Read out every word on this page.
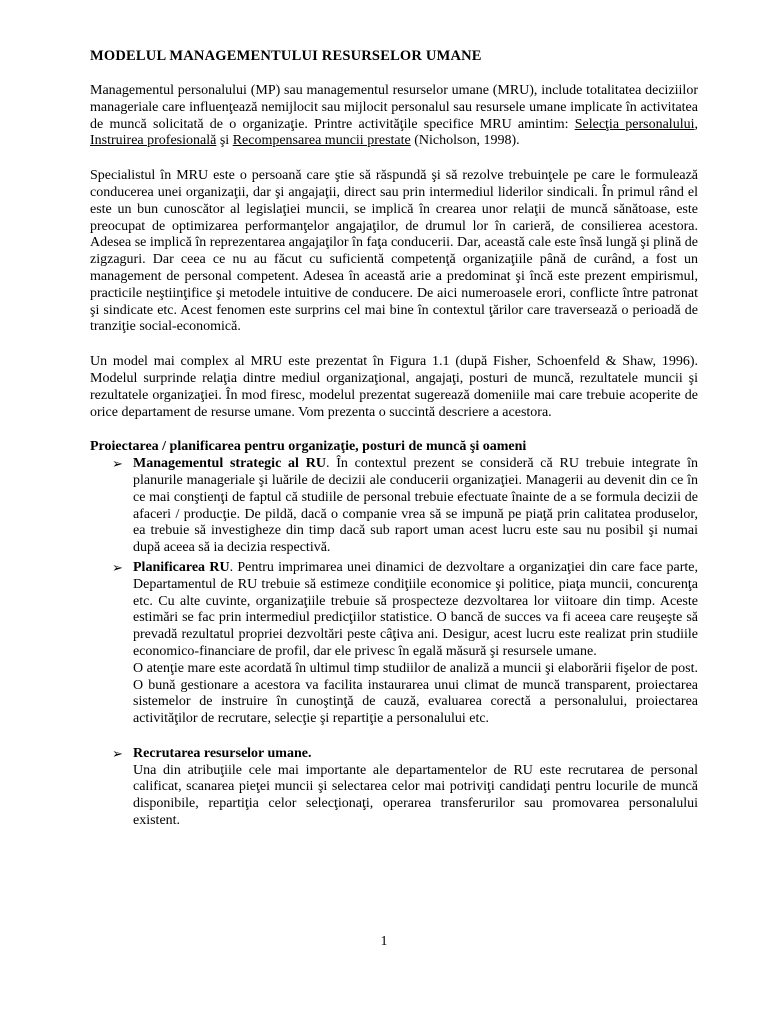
MODELUL MANAGEMENTULUI RESURSELOR UMANE

Managementul personalului (MP) sau managementul resurselor umane (MRU), include totalitatea deciziilor manageriale care influenţează nemijlocit sau mijlocit personalul sau resursele umane implicate în activitatea de muncă solicitată de o organizaţie. Printre activităţile specifice MRU amintim: Selecţia personalului, Instruirea profesională şi Recompensarea muncii prestate (Nicholson, 1998).

Specialistul în MRU este o persoană care ştie să răspundă şi să rezolve trebuinţele pe care le formulează conducerea unei organizaţii, dar şi angajaţii, direct sau prin intermediul liderilor sindicali. În primul rând el este un bun cunoscător al legislaţiei muncii, se implică în crearea unor relaţii de muncă sănătoase, este preocupat de optimizarea performanţelor angajaţilor, de drumul lor în carieră, de consilierea acestora. Adesea se implică în reprezentarea angajaţilor în faţa conducerii. Dar, această cale este însă lungă şi plină de zigzaguri. Dar ceea ce nu au făcut cu suficientă competenţă organizaţiile până de curând, a fost un management de personal competent. Adesea în această arie a predominat şi încă este prezent empirismul, practicile neştiinţifice şi metodele intuitive de conducere. De aici numeroasele erori, conflicte între patronat şi sindicate etc. Acest fenomen este surprins cel mai bine în contextul ţărilor care traversează o perioadă de tranziţie social-economică.

Un model mai complex al MRU este prezentat în Figura 1.1 (după Fisher, Schoenfeld & Shaw, 1996). Modelul surprinde relaţia dintre mediul organizaţional, angajaţi, posturi de muncă, rezultatele muncii şi rezultatele organizaţiei. În mod firesc, modelul prezentat sugerează domeniile mai care trebuie acoperite de orice departament de resurse umane. Vom prezenta o succintă descriere a acestora.

Proiectarea / planificarea pentru organizaţie, posturi de muncă şi oameni
➢ Managementul strategic al RU. În contextul prezent se consideră că RU trebuie integrate în planurile manageriale şi luările de decizii ale conducerii organizaţiei. Managerii au devenit din ce în ce mai conştienţi de faptul că studiile de personal trebuie efectuate înainte de a se formula decizii de afaceri / producţie. De pildă, dacă o companie vrea să se impună pe piaţă prin calitatea produselor, ea trebuie să investigheze din timp dacă sub raport uman acest lucru este sau nu posibil şi numai după aceea să ia decizia respectivă.
➢ Planificarea RU. Pentru imprimarea unei dinamici de dezvoltare a organizaţiei din care face parte, Departamentul de RU trebuie să estimeze condiţiile economice şi politice, piaţa muncii, concurenţa etc. Cu alte cuvinte, organizaţiile trebuie să prospecteze dezvoltarea lor viitoare din timp. Aceste estimări se fac prin intermediul predicţiilor statistice. O bancă de succes va fi aceea care reuşeşte să prevadă rezultatul propriei dezvoltări peste câţiva ani. Desigur, acest lucru este realizat prin studiile economico-financiare de profil, dar ele privesc în egală măsură şi resursele umane.
O atenţie mare este acordată în ultimul timp studiilor de analiză a muncii şi elaborării fişelor de post. O bună gestionare a acestora va facilita instaurarea unui climat de muncă transparent, proiectarea sistemelor de instruire în cunoştinţă de cauză, evaluarea corectă a personalului, proiectarea activităţilor de recrutare, selecţie şi repartiţie a personalului etc.
➢ Recrutarea resurselor umane.
Una din atribuţiile cele mai importante ale departamentelor de RU este recrutarea de personal calificat, scanarea pieţei muncii şi selectarea celor mai potriviţi candidaţi pentru locurile de muncă disponibile, repartiţia celor selecţionaţi, operarea transferurilor sau promovarea personalului existent.
1
